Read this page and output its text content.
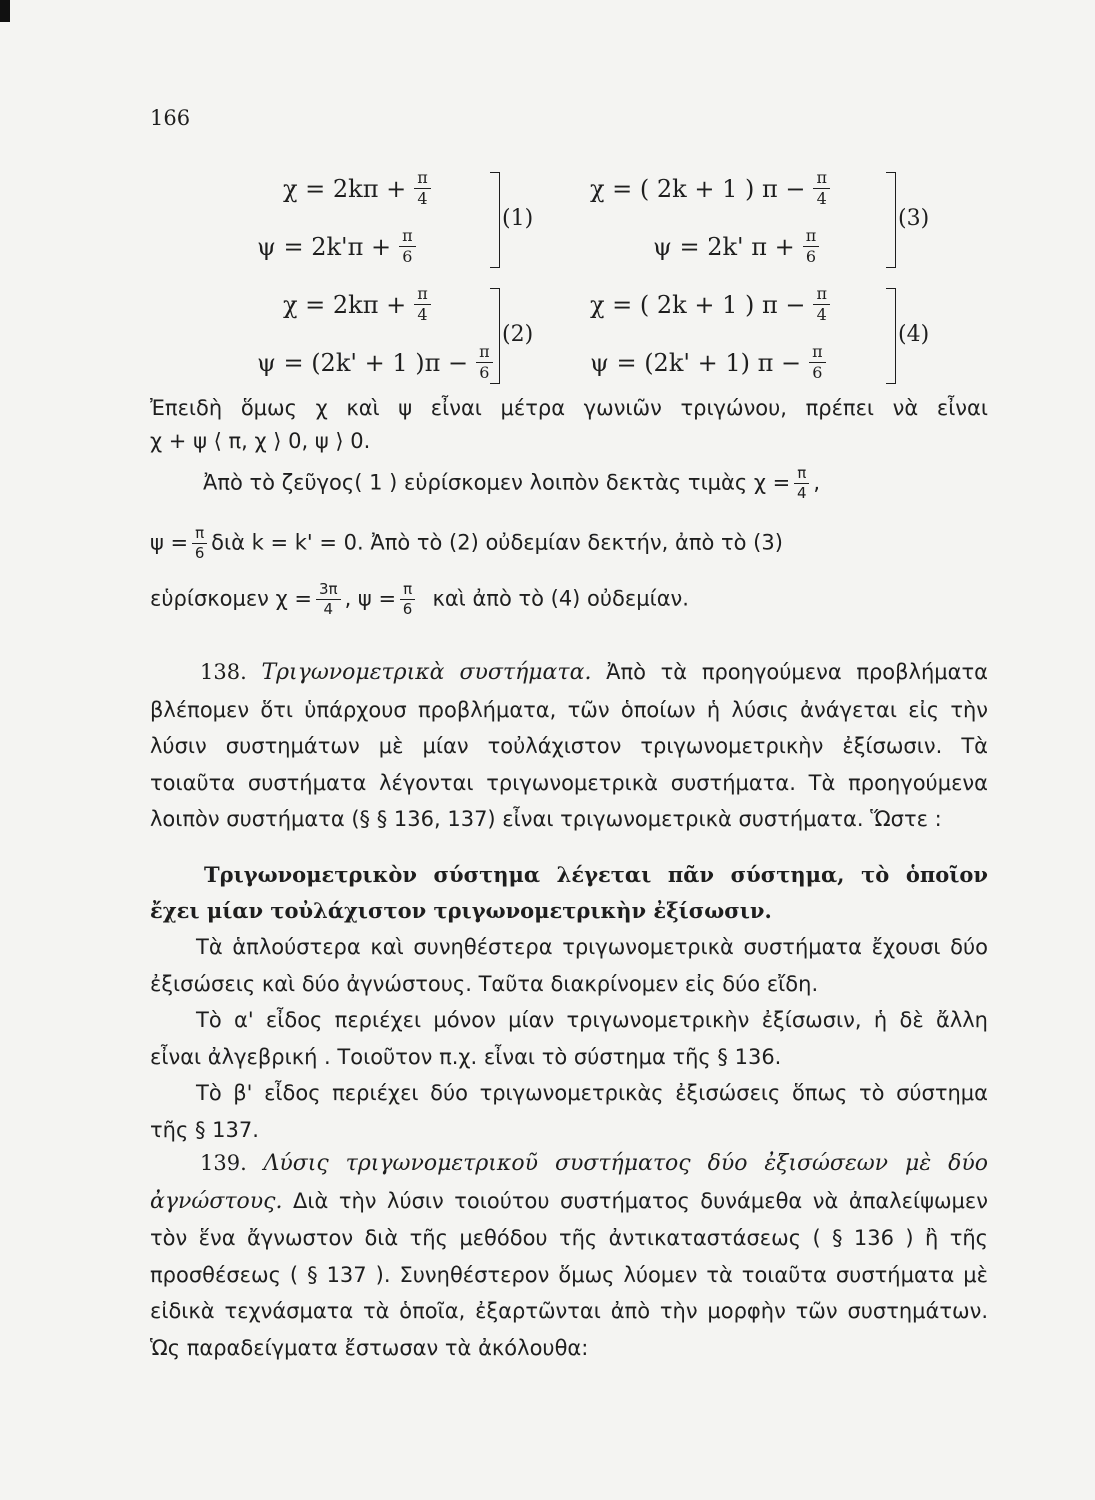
166
$\chi = 2k\pi + \frac{\pi}{4}$
$\psi = 2k'\pi + \frac{\pi}{6}$
(1)
$\chi = 2k\pi + \frac{\pi}{4}$
ψ = (2k' + 1 )$\pi - \frac{\pi}{6}$
(2)
χ = ( 2k + 1 ) $\pi - \frac{\pi}{4}$
ψ = 2k' $\pi + \frac{\pi}{6}$
(3)
χ = ( 2k + 1 ) $\pi - \frac{\pi}{4}$
ψ = (2k' + 1) $\pi - \frac{\pi}{6}$
(4)
Ἐπειδὴ ὅμως χ καὶ ψ εἶναι μέτρα γωνιῶν τριγώνου, πρέπει νὰ εἶναι
χ + ψ ⟨ π, χ ⟩ 0, ψ ⟩ 0.
Ἀπὸ τὸ ζεῦγος( 1 ) εὑρίσκομεν λοιπὸν δεκτὰς τιμὰς $\chi = \frac{\pi}{4}$ ,
$\psi = \frac{\pi}{6}$ διὰ k = k' = 0. Ἀπὸ τὸ (2) οὐδεμίαν δεκτήν, ἀπὸ τὸ (3)
εὑρίσκομεν $\chi = \frac{3\pi}{4}$ , $\psi = \frac{\pi}{6}$ καὶ ἀπὸ τὸ (4) οὐδεμίαν.
138. Τριγωνομετρικὰ συστήματα. Ἀπὸ τὰ προηγούμενα προβλήματα βλέπομεν ὅτι ὑπάρχουσ προβλήματα, τῶν ὁποίων ἡ λύσις ἀνάγεται εἰς τὴν λύσιν συστημάτων μὲ μίαν τοὐλάχιστον τριγωνομετρικὴν ἐξίσωσιν. Τὰ τοιαῦτα συστήματα λέγονται τριγωνομετρικὰ συστήματα. Τὰ προηγούμενα λοιπὸν συστήματα (§ § 136, 137) εἶναι τριγωνομετρικὰ συστήματα. Ὥστε :
Τριγωνομετρικὸν σύστημα λέγεται πᾶν σύστημα, τὸ ὁποῖον ἔχει μίαν τοὐλάχιστον τριγωνομετρικὴν ἐξίσωσιν.
Τὰ ἁπλούστερα καὶ συνηθέστερα τριγωνομετρικὰ συστήματα ἔχουσι δύο ἐξισώσεις καὶ δύο ἀγνώστους. Ταῦτα διακρίνομεν εἰς δύο εἴδη.
Τὸ α' εἶδος περιέχει μόνον μίαν τριγωνομετρικὴν ἐξίσωσιν, ἡ δὲ ἄλλη εἶναι ἀλγεβρική . Τοιοῦτον π.χ. εἶναι τὸ σύστημα τῆς § 136.
Τὸ β' εἶδος περιέχει δύο τριγωνομετρικὰς ἐξισώσεις ὅπως τὸ σύστημα τῆς § 137.
139. Λύσις τριγωνομετρικοῦ συστήματος δύο ἐξισώσεων μὲ δύο ἀγνώστους. Διὰ τὴν λύσιν τοιούτου συστήματος δυνάμεθα νὰ ἀπαλείψωμεν τὸν ἕνα ἄγνωστον διὰ τῆς μεθόδου τῆς ἀντικαταστάσεως ( § 136 ) ἢ τῆς προσθέσεως ( § 137 ). Συνηθέστερον ὅμως λύομεν τὰ τοιαῦτα συστήματα μὲ εἰδικὰ τεχνάσματα τὰ ὁποῖα, ἐξαρτῶνται ἀπὸ τὴν μορφὴν τῶν συστημάτων. Ὡς παραδείγματα ἔστωσαν τὰ ἀκόλουθα:
